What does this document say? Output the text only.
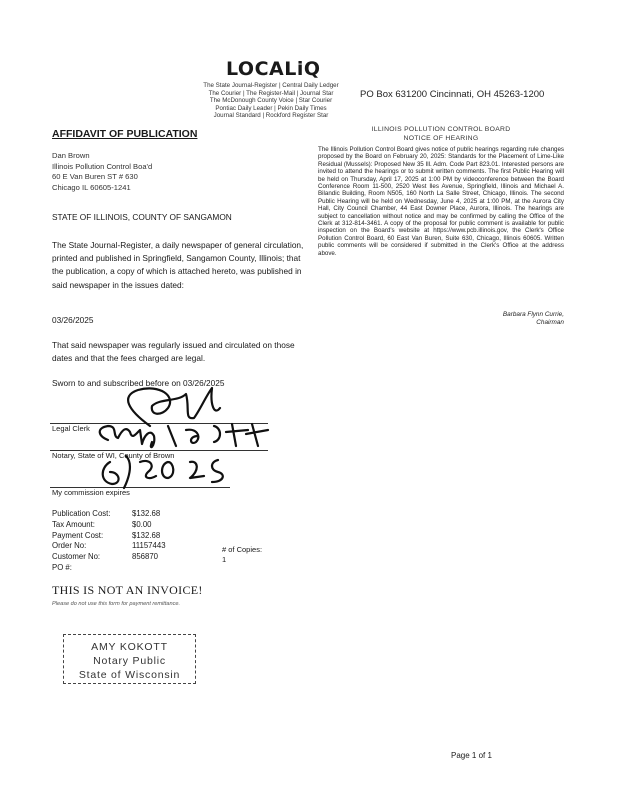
LOCALiQ
The State Journal-Register | Central Daily Ledger
The Courier | The Register-Mail | Journal Star
The McDonough County Voice | Star Courier
Pontiac Daily Leader | Pekin Daily Times
Journal Standard | Rockford Register Star
PO Box 631200 Cincinnati, OH 45263-1200
AFFIDAVIT OF PUBLICATION
Dan Brown
Illinois Pollution Control Boa'd
60 E Van Buren ST # 630
Chicago IL 60605-1241
STATE OF ILLINOIS, COUNTY OF SANGAMON
The State Journal-Register, a daily newspaper of general circulation, printed and published in Springfield, Sangamon County, Illinois; that the publication, a copy of which is attached hereto, was published in said newspaper in the issues dated:
03/26/2025
That said newspaper was regularly issued and circulated on those dates and that the fees charged are legal.
Sworn to and subscribed before on 03/26/2025
Legal Clerk
Notary, State of WI, County of Brown
My commission expires
Publication Cost:	$132.68
Tax Amount:	$0.00
Payment Cost:	$132.68
Order No:	11157443
Customer No:	856870
PO #:
# of Copies:
1
THIS IS NOT AN INVOICE!
Please do not use this form for payment remittance.
AMY KOKOTT
Notary Public
State of Wisconsin
ILLINOIS POLLUTION CONTROL BOARD
NOTICE OF HEARING
The Illinois Pollution Control Board gives notice of public hearings regarding rule changes proposed by the Board on February 20, 2025: Standards for the Placement of Lime-Like Residual (Mussels): Proposed New 35 Ill. Adm. Code Part 823.01. Interested persons are invited to attend the hearings or to submit written comments. The first Public Hearing will be held on Thursday, April 17, 2025 at 1:00 PM by videoconference between the Board Conference Room 11-500, 2520 West Iles Avenue, Springfield, Illinois and Michael A. Bilandic Building, Room N505, 160 North La Salle Street, Chicago, Illinois. The second Public Hearing will be held on Wednesday, June 4, 2025 at 1:00 PM, at the Aurora City Hall, City Council Chamber, 44 East Downer Place, Aurora, Illinois. The hearings are subject to cancellation without notice and may be confirmed by calling the Office of the Clerk at 312-814-3461. A copy of the proposal for public comment is available for public inspection on the Board's website at https://www.pcb.illinois.gov, the Clerk's Office Pollution Control Board, 60 East Van Buren, Suite 630, Chicago, Illinois 60605. Written public comments will be considered if submitted in the Clerk's Office at the address above.
Barbara Flynn Currie,
Chairman
Page 1 of 1
